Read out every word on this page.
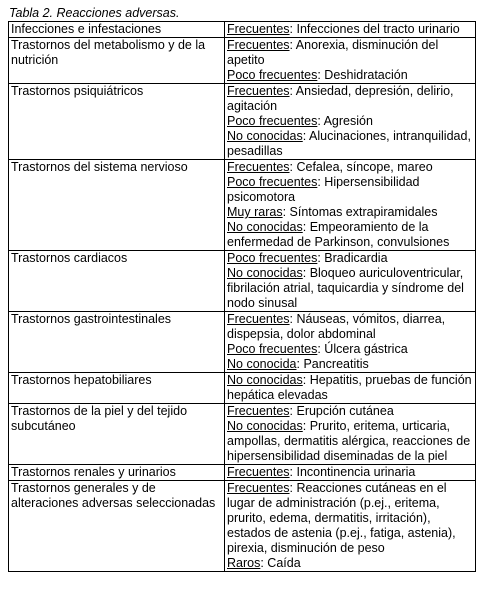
Tabla 2. Reacciones adversas.
Infecciones e infestaciones	Frecuentes: Infecciones del tracto urinario

Trastornos del metabolismo y de la nutrición	Frecuentes: Anorexia, disminución del apetito
Poco frecuentes: Deshidratación

Trastornos psiquiátricos	Frecuentes: Ansiedad, depresión, delirio, agitación
Poco frecuentes: Agresión
No conocidas: Alucinaciones, intranquilidad, pesadillas

Trastornos del sistema nervioso	Frecuentes: Cefalea, síncope, mareo
Poco frecuentes: Hipersensibilidad psicomotora
Muy raras: Síntomas extrapiramidales
No conocidas: Empeoramiento de la enfermedad de Parkinson, convulsiones

Trastornos cardiacos	Poco frecuentes: Bradicardia
No conocidas: Bloqueo auriculoventricular, fibrilación atrial, taquicardia y síndrome del nodo sinusal

Trastornos gastrointestinales	Frecuentes: Náuseas, vómitos, diarrea, dispepsia, dolor abdominal
Poco frecuentes: Úlcera gástrica
No conocida: Pancreatitis

Trastornos hepatobiliares	No conocidas: Hepatitis, pruebas de función hepática elevadas

Trastornos de la piel y del tejido subcutáneo	Frecuentes: Erupción cutánea
No conocidas: Prurito, eritema, urticaria, ampollas, dermatitis alérgica, reacciones de hipersensibilidad diseminadas de la piel

Trastornos renales y urinarios	Frecuentes: Incontinencia urinaria

Trastornos generales y de alteraciones adversas seleccionadas	Frecuentes: Reacciones cutáneas en el lugar de administración (p.ej., eritema, prurito, edema, dermatitis, irritación), estados de astenia (p.ej., fatiga, astenia), pirexia, disminución de peso
Raros: Caída
